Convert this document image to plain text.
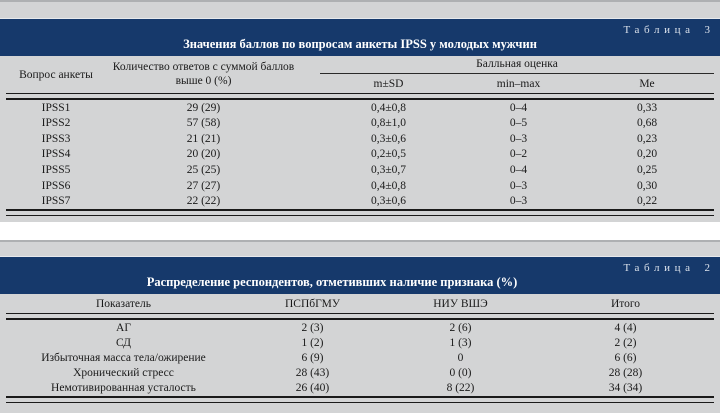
Таблица 3
Значения баллов по вопросам анкеты IPSS у молодых мужчин
Вопрос анкеты
Количество ответов с суммой баллов
выше 0 (%)
Балльная оценка
m±SD	min–max	Ме
IPSS1	29 (29)	0,4±0,8	0–4	0,33
IPSS2	57 (58)	0,8±1,0	0–5	0,68
IPSS3	21 (21)	0,3±0,6	0–3	0,23
IPSS4	20 (20)	0,2±0,5	0–2	0,20
IPSS5	25 (25)	0,3±0,7	0–4	0,25
IPSS6	27 (27)	0,4±0,8	0–3	0,30
IPSS7	22 (22)	0,3±0,6	0–3	0,22
Таблица 2
Распределение респондентов, отметивших наличие признака (%)
Показатель	ПСПбГМУ	НИУ ВШЭ	Итого
АГ	2 (3)	2 (6)	4 (4)
СД	1 (2)	1 (3)	2 (2)
Избыточная масса тела/ожирение	6 (9)	0	6 (6)
Хронический стресс	28 (43)	0 (0)	28 (28)
Немотивированная усталость	26 (40)	8 (22)	34 (34)
